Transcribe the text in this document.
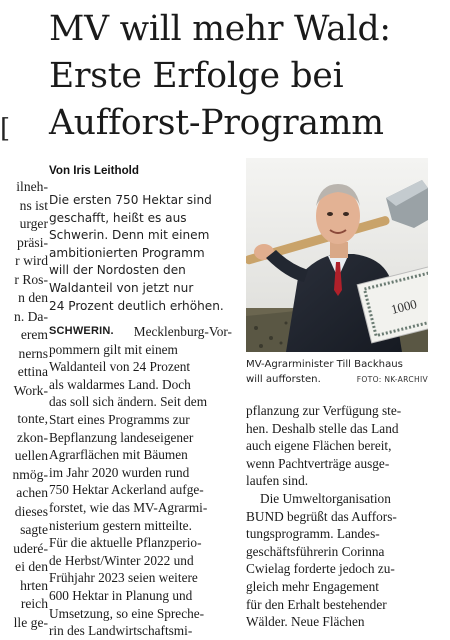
MV will mehr Wald:
Erste Erfolge bei
Aufforst-Programm
[
ilneh-
ns ist
urger
präsi-
r wird
r Ros-
n den
n. Da-
erem
nerns
ettina
Work-
tonte,
zkon-
uellen
nmög-
achen
dieses
sagte
uderé-
ei den
hrten
reich
lle ge-
Von Iris Leithold
Die ersten 750 Hektar sind
geschafft, heißt es aus
Schwerin. Denn mit einem
ambitionierten Programm
will der Nordosten den
Waldanteil von jetzt nur
24 Prozent deutlich erhöhen.	1000
MV-Agrarminister Till Backhaus
will aufforsten.	FOTO: NK-ARCHIV
SCHWERIN. Mecklenburg-Vor-
pommern gilt mit einem
Waldanteil von 24 Prozent
als waldarmes Land. Doch
das soll sich ändern. Seit dem
Start eines Programms zur
Bepflanzung landeseigener
Agrarflächen mit Bäumen
im Jahr 2020 wurden rund
750 Hektar Ackerland aufge-
forstet, wie das MV-Agrarmi-
nisterium gestern mitteilte.
Für die aktuelle Pflanzperio-
de Herbst/Winter 2022 und
Frühjahr 2023 seien weitere
600 Hektar in Planung und
Umsetzung, so eine Spreche-
rin des Landwirtschaftsmi-
pflanzung zur Verfügung ste-
hen. Deshalb stelle das Land
auch eigene Flächen bereit,
wenn Pachtverträge ausge-
laufen sind.
Die Umweltorganisation
BUND begrüßt das Auffors-
tungsprogramm. Landes-
geschäftsführerin Corinna
Cwielag forderte jedoch zu-
gleich mehr Engagement
für den Erhalt bestehender
Wälder. Neue Flächen
